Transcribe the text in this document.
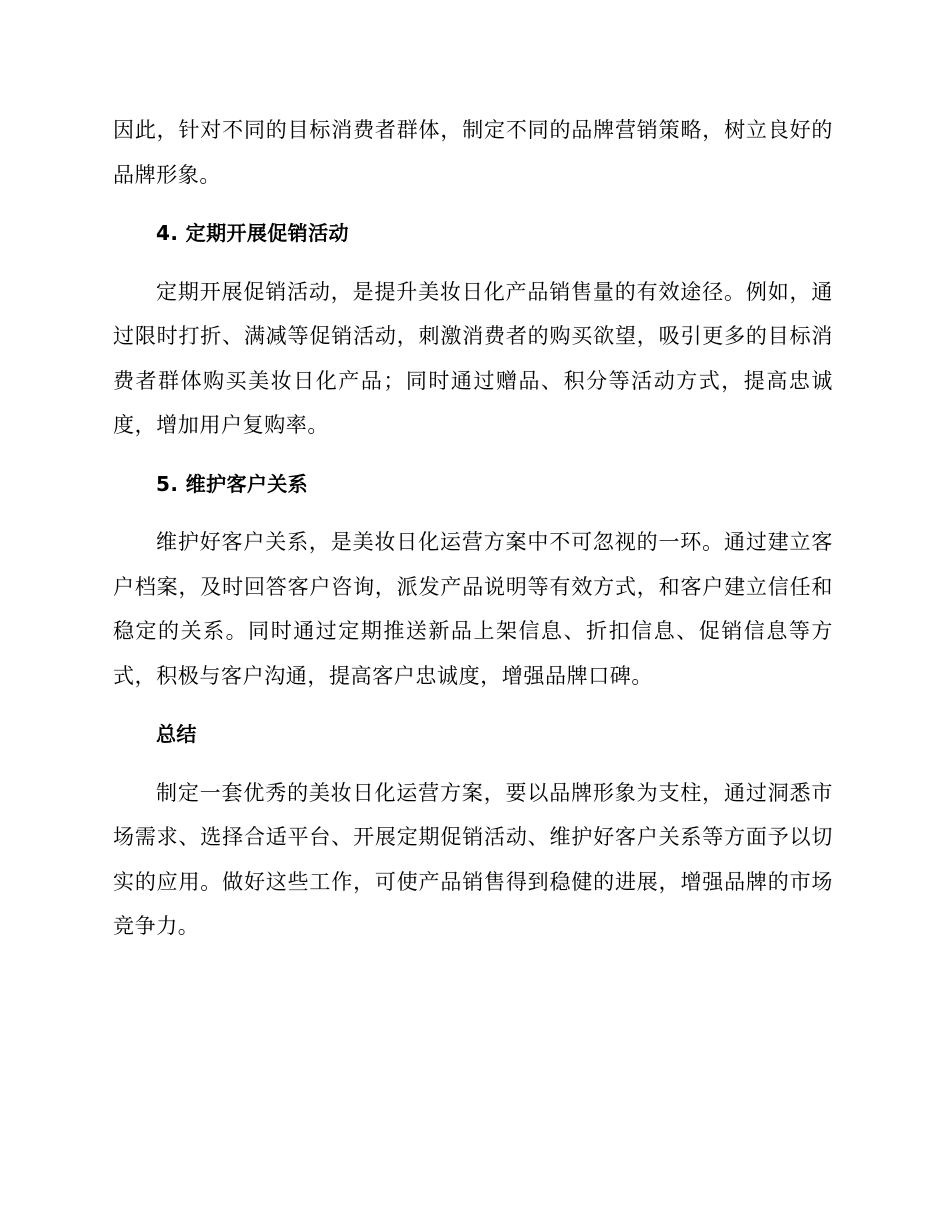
因此，针对不同的目标消费者群体，制定不同的品牌营销策略，树立良好的品牌形象。

4. 定期开展促销活动

定期开展促销活动，是提升美妆日化产品销售量的有效途径。例如，通过限时打折、满减等促销活动，刺激消费者的购买欲望，吸引更多的目标消费者群体购买美妆日化产品；同时通过赠品、积分等活动方式，提高忠诚度，增加用户复购率。

5. 维护客户关系

维护好客户关系，是美妆日化运营方案中不可忽视的一环。通过建立客户档案，及时回答客户咨询，派发产品说明等有效方式，和客户建立信任和稳定的关系。同时通过定期推送新品上架信息、折扣信息、促销信息等方式，积极与客户沟通，提高客户忠诚度，增强品牌口碑。

总结

制定一套优秀的美妆日化运营方案，要以品牌形象为支柱，通过洞悉市场需求、选择合适平台、开展定期促销活动、维护好客户关系等方面予以切实的应用。做好这些工作，可使产品销售得到稳健的进展，增强品牌的市场竞争力。
